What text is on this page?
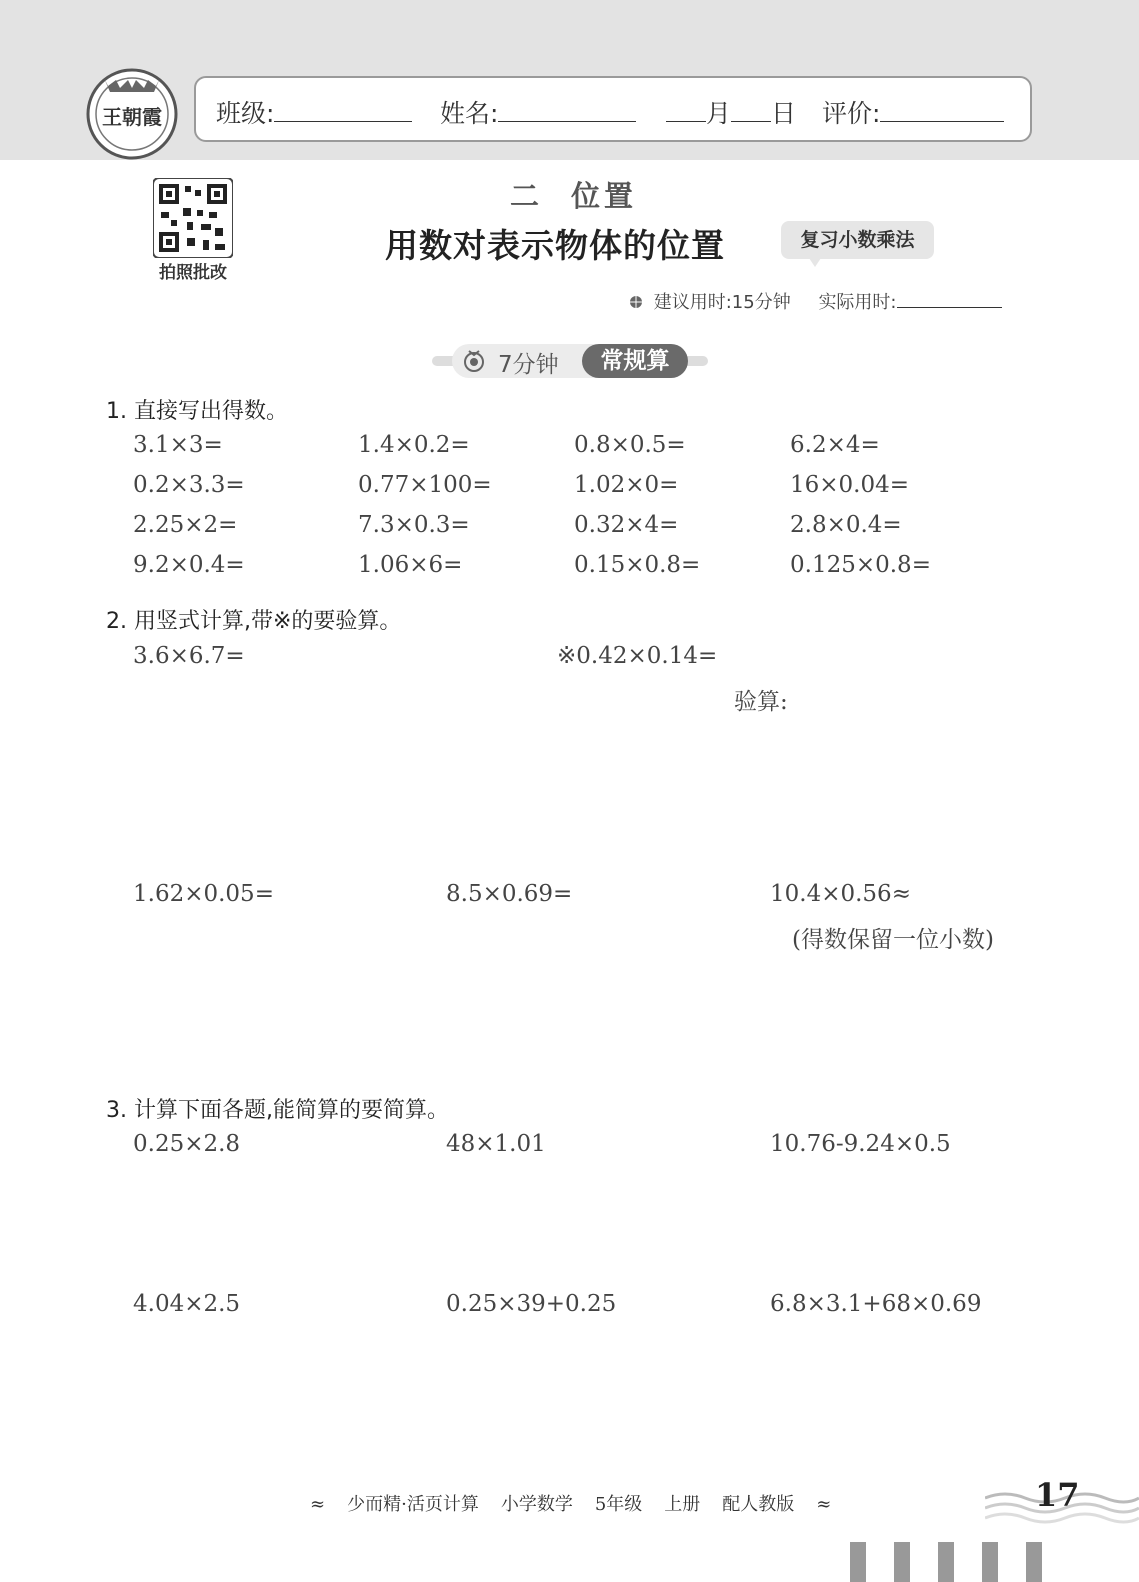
王朝霞 班级:	姓名:	月 日 评价:
拍照批改
二 位置
用数对表示物体的位置	复习小数乘法
建议用时:15分钟 实际用时:
7分钟	常规算
1. 直接写出得数。
3.1×3=	1.4×0.2=	0.8×0.5=	6.2×4=
0.2×3.3=	0.77×100=	1.02×0=	16×0.04=
2.25×2=	7.3×0.3=	0.32×4=	2.8×0.4=
9.2×0.4=	1.06×6=	0.15×0.8=	0.125×0.8=
2. 用竖式计算,带※的要验算。
3.6×6.7=	※0.42×0.14=
验算:
1.62×0.05=	8.5×0.69=	10.4×0.56≈
(得数保留一位小数)
3. 计算下面各题,能简算的要简算。
0.25×2.8	48×1.01	10.76-9.24×0.5
4.04×2.5	0.25×39+0.25	6.8×3.1+68×0.69
≈ 少而精·活页计算 小学数学 5年级 上册 配人教版 ≈	17
